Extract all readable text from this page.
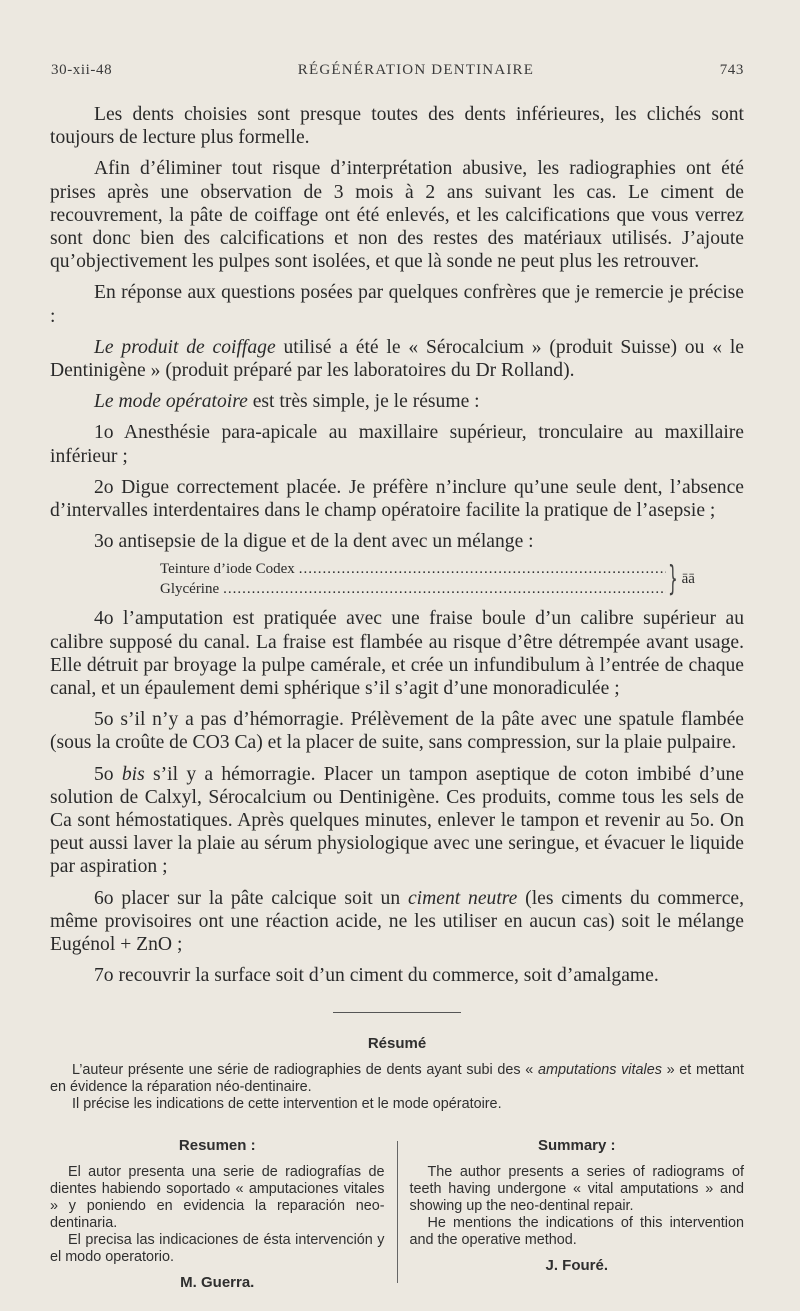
30-xii-48	RÉGÉNÉRATION DENTINAIRE	743

Les dents choisies sont presque toutes des dents inférieures, les clichés sont toujours de lecture plus formelle.

Afin d’éliminer tout risque d’interprétation abusive, les radiographies ont été prises après une observation de 3 mois à 2 ans suivant les cas. Le ciment de recouvrement, la pâte de coiffage ont été enlevés, et les calcifications que vous verrez sont donc bien des calcifications et non des restes des matériaux utilisés. J’ajoute qu’objectivement les pulpes sont isolées, et que là sonde ne peut plus les retrouver.

En réponse aux questions posées par quelques confrères que je remercie je précise :

Le produit de coiffage utilisé a été le « Sérocalcium » (produit Suisse) ou « le Dentinigène » (produit préparé par les laboratoires du Dr Rolland).

Le mode opératoire est très simple, je le résume :

1o Anesthésie para-apicale au maxillaire supérieur, tronculaire au maxillaire inférieur ;

2o Digue correctement placée. Je préfère n’inclure qu’une seule dent, l’absence d’intervalles interdentaires dans le champ opératoire facilite la pratique de l’asepsie ;

3o antisepsie de la digue et de la dent avec un mélange :

Teinture d’iode Codex
.....
Glycérine
.....	} āā

4o l’amputation est pratiquée avec une fraise boule d’un calibre supérieur au calibre supposé du canal. La fraise est flambée au risque d’être détrempée avant usage. Elle détruit par broyage la pulpe camérale, et crée un infundibulum à l’entrée de chaque canal, et un épaulement demi sphérique s’il s’agit d’une monoradiculée ;

5o s’il n’y a pas d’hémorragie. Prélèvement de la pâte avec une spatule flambée (sous la croûte de CO3 Ca) et la placer de suite, sans compression, sur la plaie pulpaire.

5o bis s’il y a hémorragie. Placer un tampon aseptique de coton imbibé d’une solution de Calxyl, Sérocalcium ou Dentinigène. Ces produits, comme tous les sels de Ca sont hémostatiques. Après quelques minutes, enlever le tampon et revenir au 5o. On peut aussi laver la plaie au sérum physiologique avec une seringue, et évacuer le liquide par aspiration ;

6o placer sur la pâte calcique soit un ciment neutre (les ciments du commerce, même provisoires ont une réaction acide, ne les utiliser en aucun cas) soit le mélange Eugénol + ZnO ;

7o recouvrir la surface soit d’un ciment du commerce, soit d’amalgame.

Résumé

L’auteur présente une série de radiographies de dents ayant subi des « amputations vitales » et mettant en évidence la réparation néo-dentinaire.

Il précise les indications de cette intervention et le mode opératoire.

Resumen :

El autor presenta una serie de radiografías de dientes habiendo soportado « amputaciones vitales » y poniendo en evidencia la reparación neo-dentinaria.

El precisa las indicaciones de ésta intervención y el modo operatorio.

M. Guerra.
Summary :

The author presents a series of radiograms of teeth having undergone « vital amputations » and showing up the neo-dentinal repair.

He mentions the indications of this intervention and the operative method.

J. Fouré.
